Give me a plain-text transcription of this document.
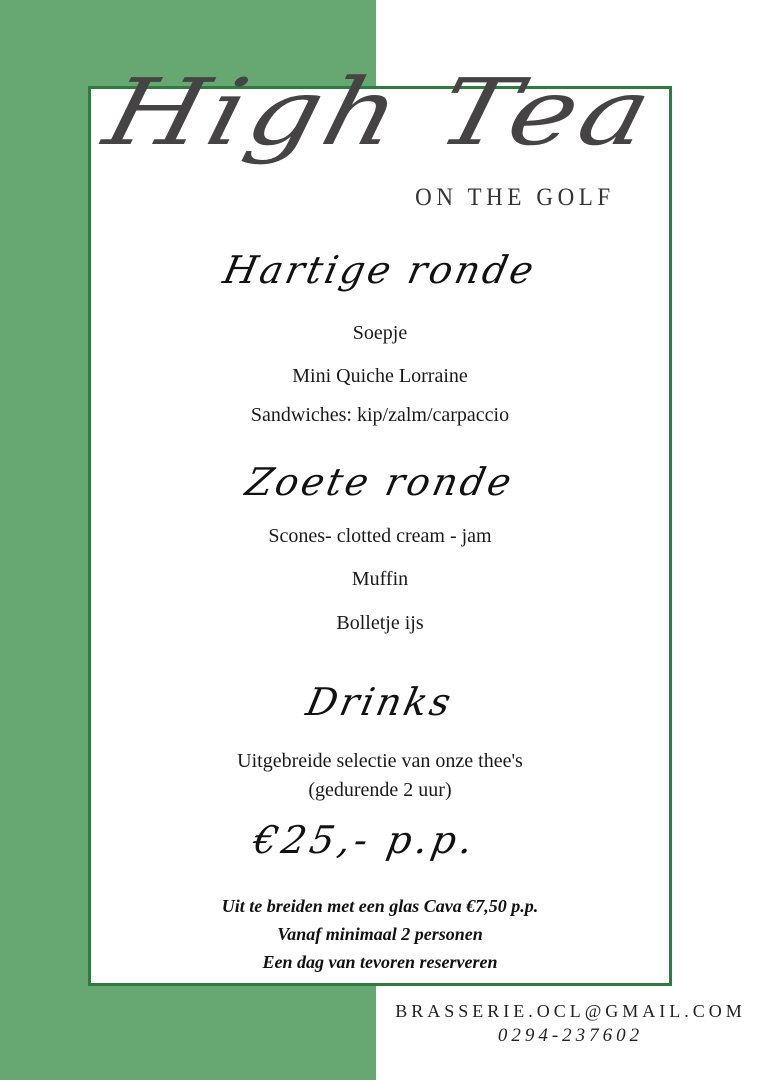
High Tea
ON THE GOLF
Hartige ronde
Soepje
Mini Quiche Lorraine
Sandwiches: kip/zalm/carpaccio
Zoete ronde
Scones- clotted cream - jam
Muffin
Bolletje ijs
Drinks
Uitgebreide selectie van onze thee's
(gedurende 2 uur)
€25,- p.p.
Uit te breiden met een glas Cava €7,50 p.p.
Vanaf minimaal 2 personen
Een dag van tevoren reserveren
BRASSERIE.OCL@GMAIL.COM
0294-237602
